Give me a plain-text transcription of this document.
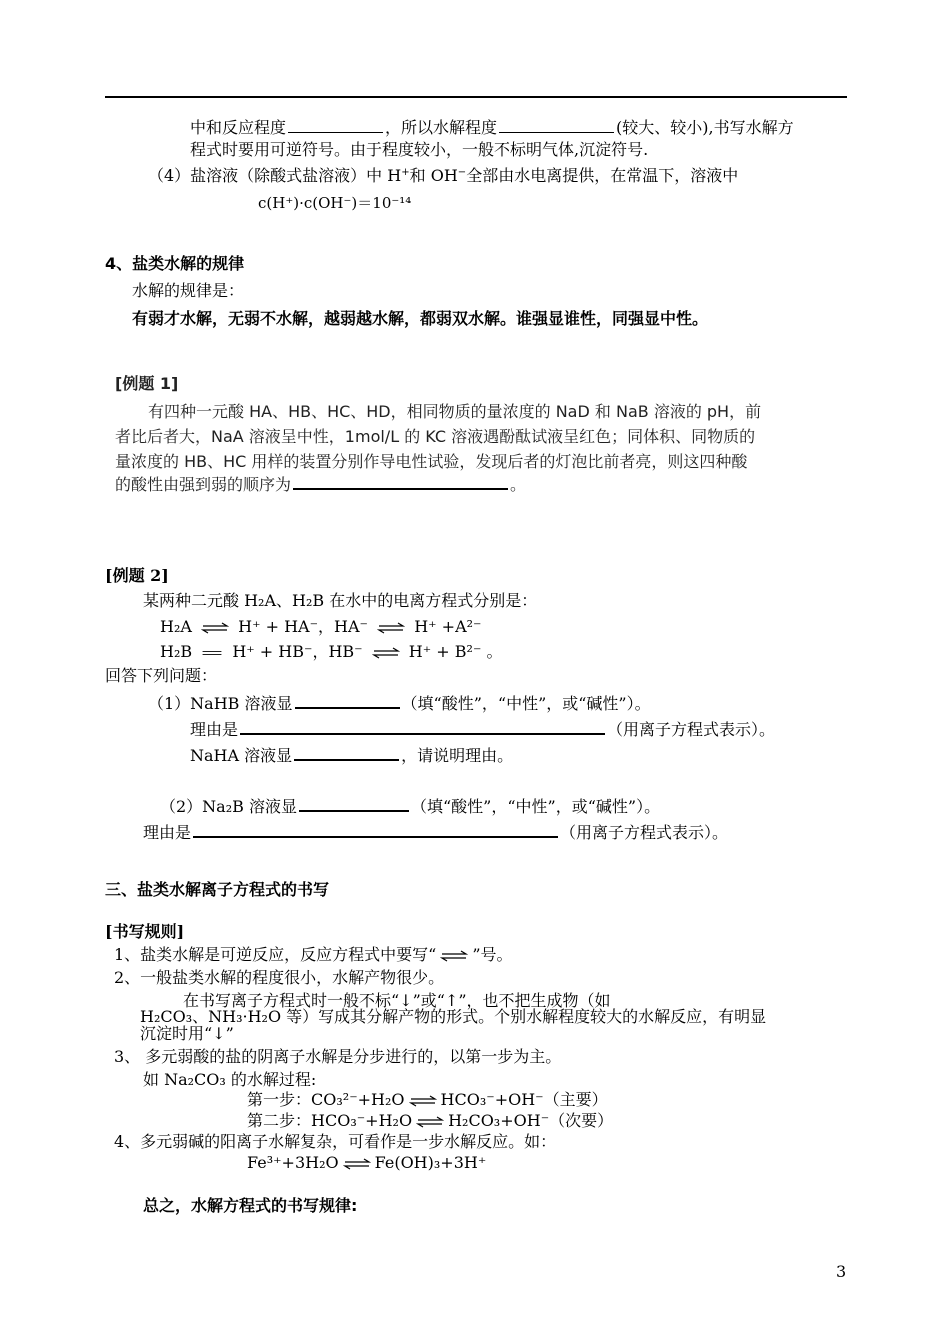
中和反应程度	，所以水解程度	(较大、较小),书写水解方
程式时要用可逆符号。由于程度较小，一般不标明气体,沉淀符号.
（4）盐溶液（除酸式盐溶液）中 H+和 OH−全部由水电离提供，在常温下，溶液中
c(H⁺)·c(OH⁻)＝10⁻¹⁴
4、盐类水解的规律
水解的规律是：
有弱才水解，无弱不水解，越弱越水解，都弱双水解。谁强显谁性，同强显中性。
[例题 1]
有四种一元酸 HA、HB、HC、HD，相同物质的量浓度的 NaD 和 NaB 溶液的 pH，前
者比后者大，NaA 溶液呈中性，1mol/L 的 KC 溶液遇酚酞试液呈红色；同体积、同物质的
量浓度的 HB、HC 用样的装置分别作导电性试验，发现后者的灯泡比前者亮，则这四种酸
的酸性由强到弱的顺序为	。
[例题 2]
某两种二元酸 H₂A、H₂B 在水中的电离方程式分别是：
H₂A ⇌ H⁺ + HA⁻，HA⁻ ⇌ H⁺ +A²⁻
H₂B	H⁺ + HB⁻，HB⁻ ⇌ H⁺ + B²⁻ 。
回答下列问题：
（1）NaHB 溶液显	（填“酸性”，“中性”，或“碱性”）。
理由是	（用离子方程式表示）。
NaHA 溶液显	，请说明理由。
（2）Na₂B 溶液显	（填“酸性”，“中性”，或“碱性”）。
理由是	（用离子方程式表示）。
三、盐类水解离子方程式的书写
[书写规则]
1、盐类水解是可逆反应，反应方程式中要写“ ⇌ ”号。
2、一般盐类水解的程度很小，水解产物很少。
在书写离子方程式时一般不标“↓”或“↑”，也不把生成物（如
H₂CO₃、NH₃·H₂O 等）写成其分解产物的形式。个别水解程度较大的水解反应，有明显
沉淀时用“↓”
3、 多元弱酸的盐的阴离子水解是分步进行的，以第一步为主。
如 Na₂CO₃ 的水解过程:
第一步：CO₃²⁻+H₂O ⇌ HCO₃⁻+OH⁻（主要）
第二步：HCO₃⁻+H₂O ⇌ H₂CO₃+OH⁻（次要）
4、多元弱碱的阳离子水解复杂，可看作是一步水解反应。如：
Fe³⁺+3H₂O ⇌ Fe(OH)₃+3H⁺
总之，水解方程式的书写规律:
3
